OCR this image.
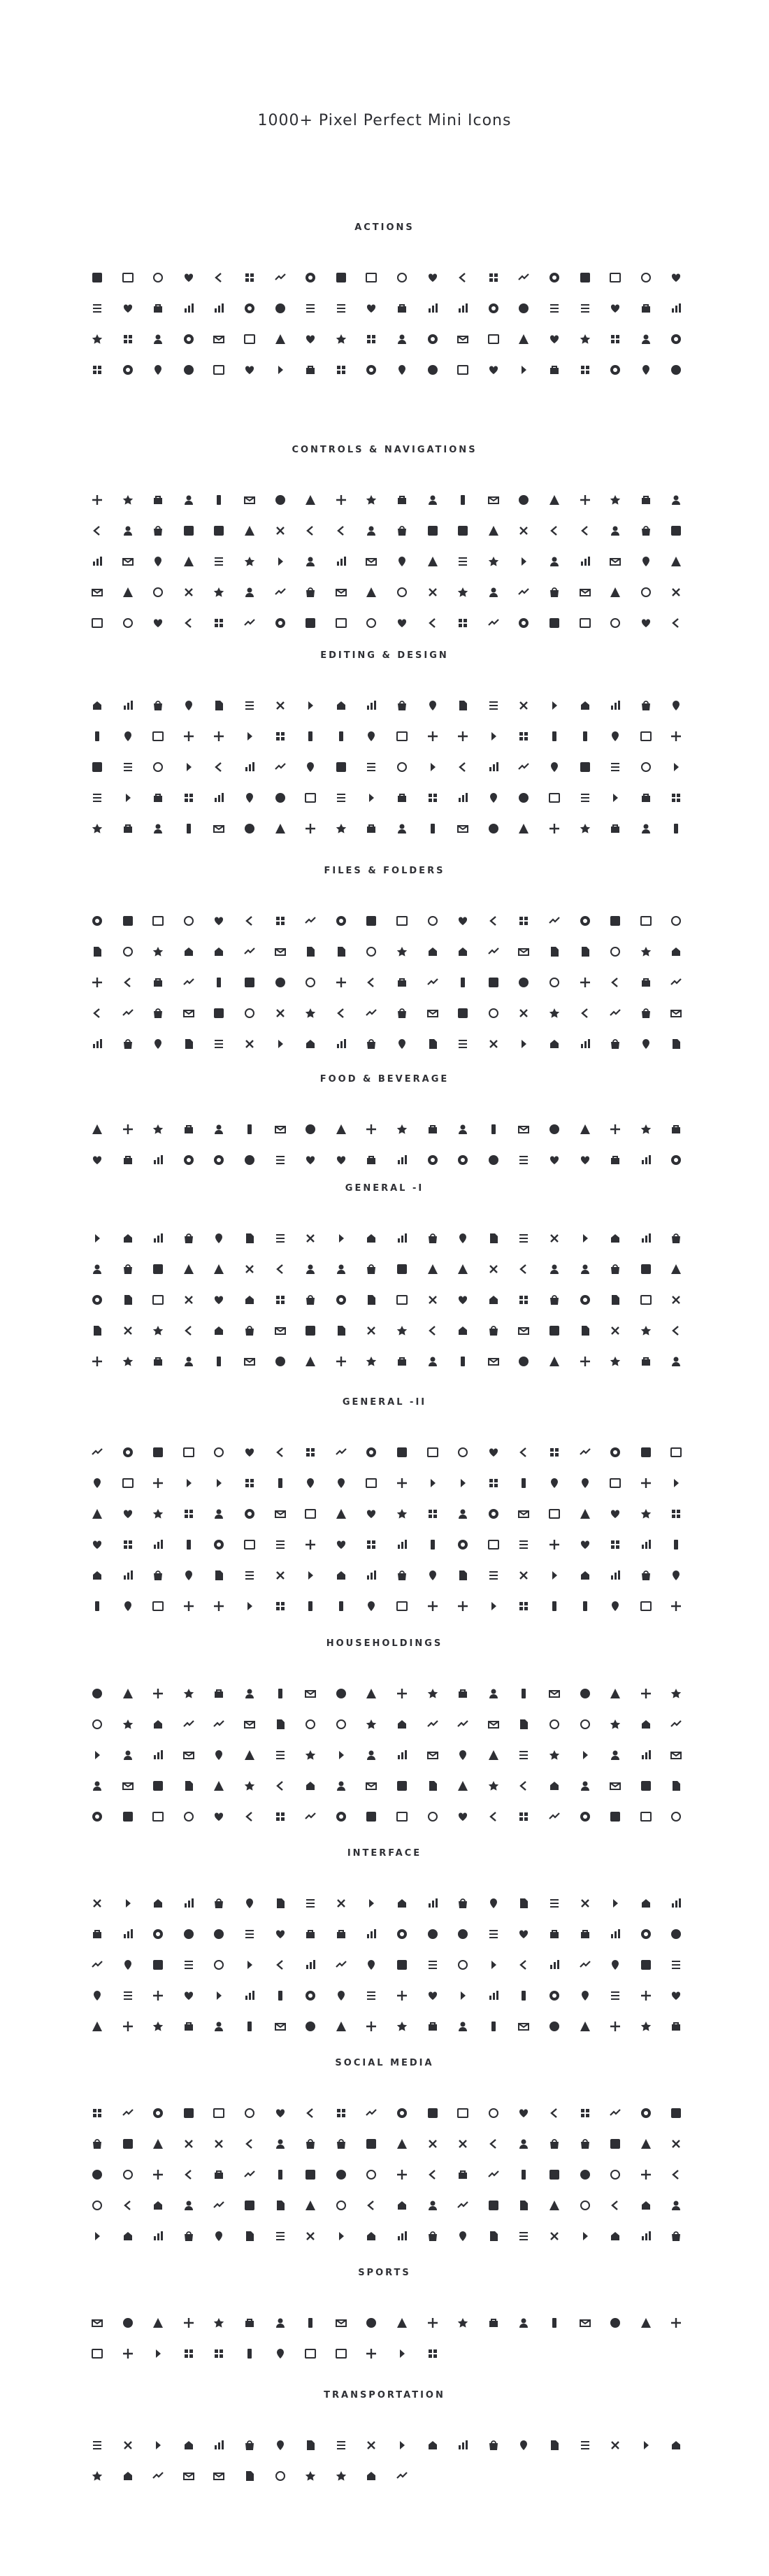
1000+ Pixel Perfect Mini Icons
ACTIONS
CONTROLS & NAVIGATIONS
EDITING & DESIGN
FILES & FOLDERS
FOOD & BEVERAGE
GENERAL -I
GENERAL -II
HOUSEHOLDINGS
INTERFACE
SOCIAL MEDIA
SPORTS
TRANSPORTATION
